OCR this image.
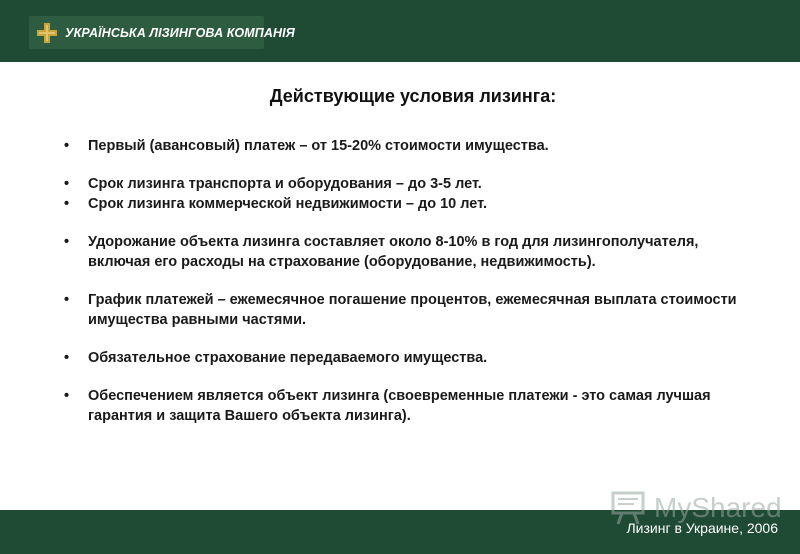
УКРАЇНСЬКА ЛІЗИНГОВА КОМПАНІЯ
Действующие условия лизинга:
• Первый (авансовый) платеж – от 15-20% стоимости имущества.
• Срок лизинга транспорта и оборудования – до 3-5 лет.
• Срок лизинга коммерческой недвижимости – до 10 лет.
• Удорожание объекта лизинга составляет около 8-10% в год для лизингополучателя, включая его расходы на страхование (оборудование, недвижимость).
• График платежей – ежемесячное погашение процентов, ежемесячная выплата стоимости имущества равными частями.
• Обязательное страхование передаваемого имущества.
• Обеспечением является объект лизинга (своевременные платежи - это самая лучшая гарантия и защита Вашего объекта лизинга).
MyShared
Лизинг в Украине, 2006
